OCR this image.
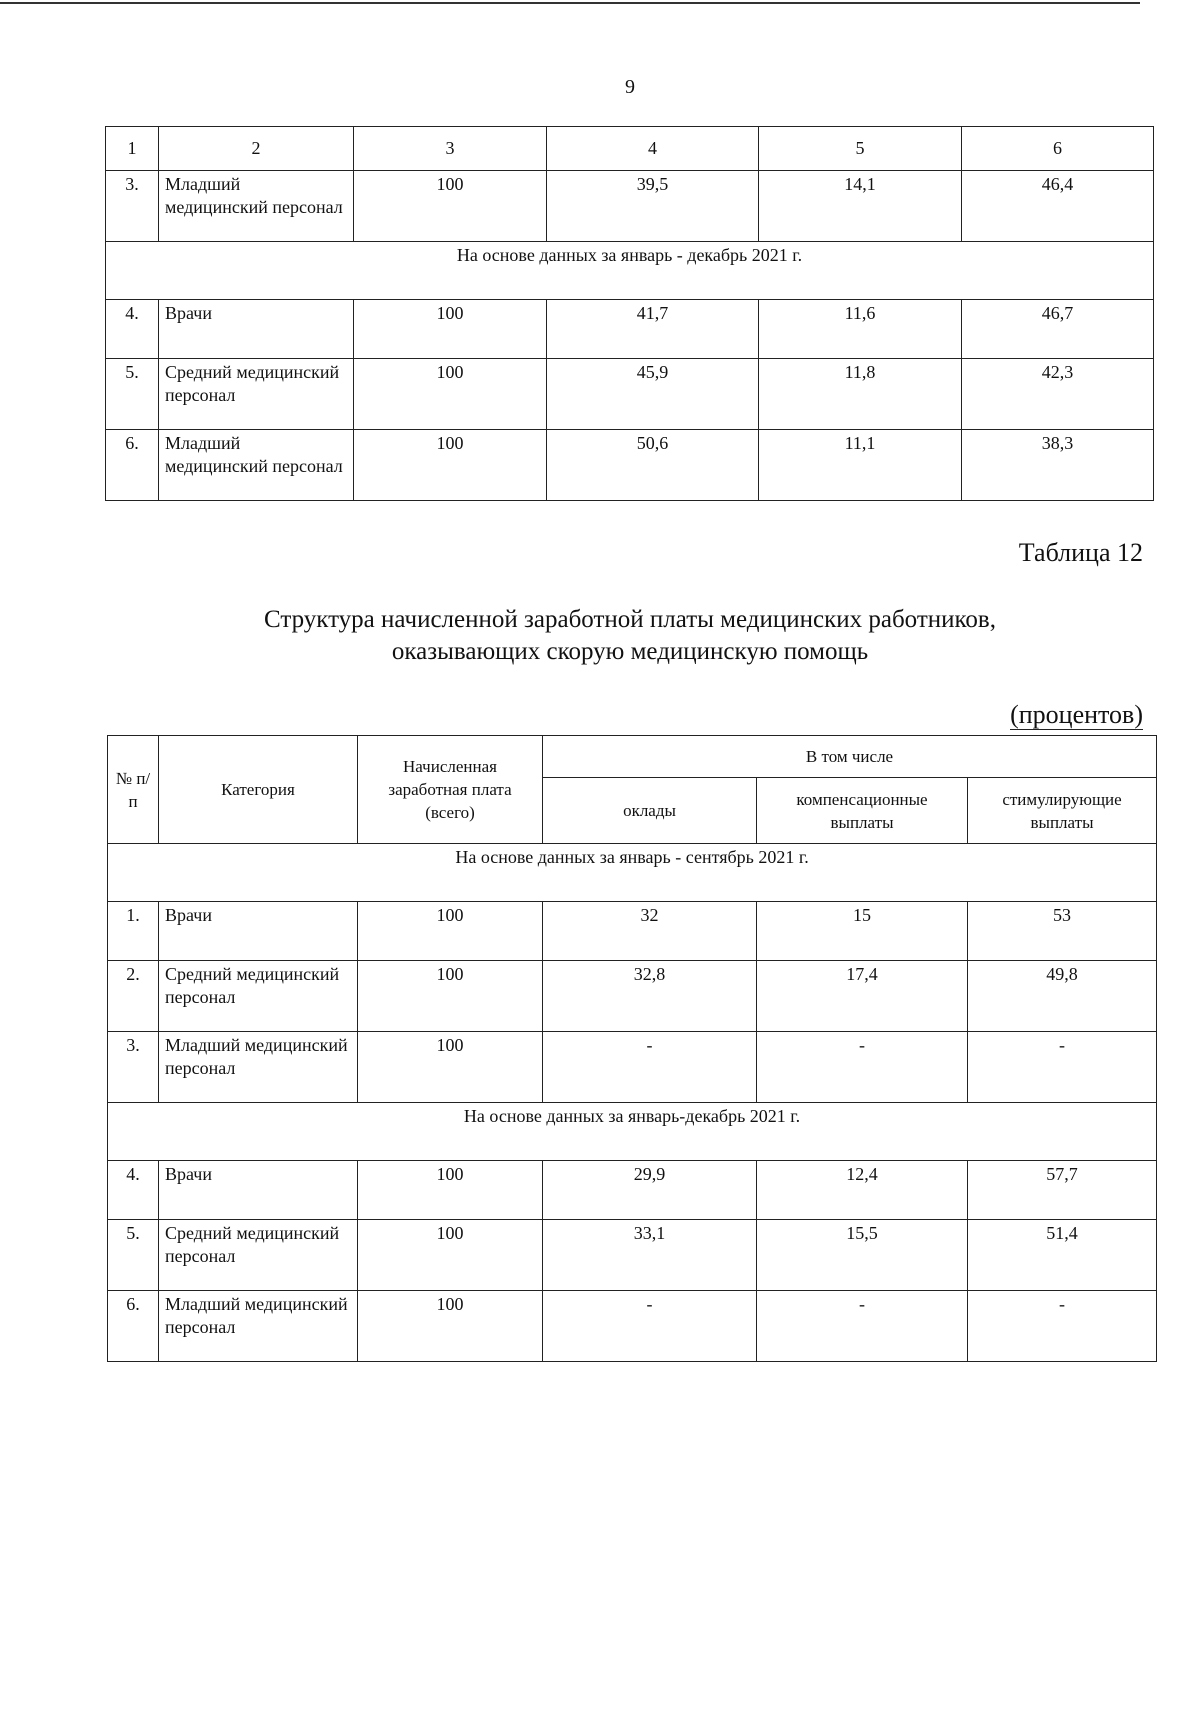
9
1	2	3	4	5	6
3.	Младший медицинский персонал	100	39,5	14,1	46,4
На основе данных за январь - декабрь 2021 г.					
4.	Врачи	100	41,7	11,6	46,7
5.	Средний медицинский персонал	100	45,9	11,8	42,3
6.	Младший медицинский персонал	100	50,6	11,1	38,3
Таблица 12
Структура начисленной заработной платы медицинских работников, оказывающих скорую медицинскую помощь
(процентов)
№ п/п	Категория	Начисленная заработная плата (всего)	В том числе		
			оклады	компенсационные выплаты	стимулирующие выплаты
На основе данных за январь - сентябрь 2021 г.					
1.	Врачи	100	32	15	53
2.	Средний медицинский персонал	100	32,8	17,4	49,8
3.	Младший медицинский персонал	100	-	-	-
На основе данных за январь-декабрь 2021 г.					
4.	Врачи	100	29,9	12,4	57,7
5.	Средний медицинский персонал	100	33,1	15,5	51,4
6.	Младший медицинский персонал	100	-	-	-
